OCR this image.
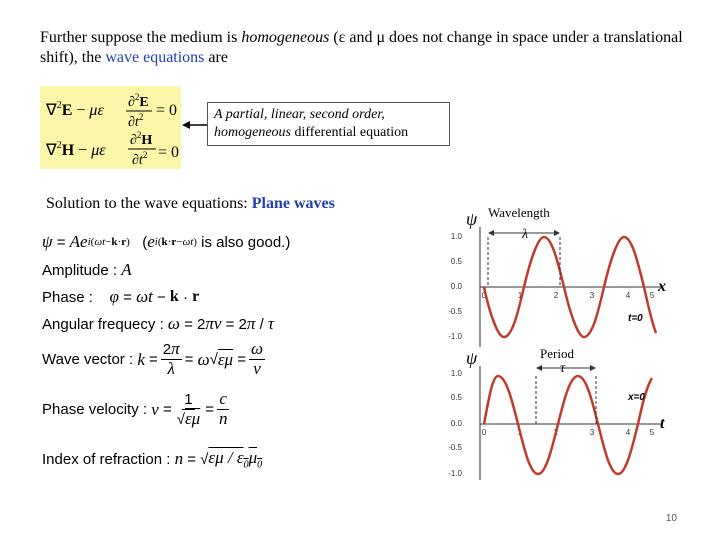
Further suppose the medium is homogeneous (ε and μ does not change in space under a translational shift), the wave equations are
∇$^2$E − με ∂$^2$E
$\partial t^2 = 0$
∇$^2$H − με
∂$^2$H
$\partial t^2 = 0$
A partial, linear, second order,
homogeneous differential equation
Solution to the wave equations: Plane waves
ψ = Ae i(ωt−k·r) ( e i(k·r−ωt)
is also good. )
Amplitude :
A
Phase :
φ = ωt − k · r
Angular frequecy :
ω = 2 πν = 2 π / τ
Wave vector :
$k = \frac{2\pi}{\lambda} = \omega$ √ $\varepsilon\mu = \frac{\omega}{v}$
Phase velocity :
$v = \frac{1}{√\varepsilon\mu} = \frac{c}{n}$
Index of refraction :
n = √ εμ / $\varepsilon_0\mu_0$
ψ
1.0
0.5
0.0
-0.5
-1.0
0	1	2	3	4 5
λ
Wavelength
x
t=0
ψ
1.0
0.5
0.0
-0.5
-1.0
0	1	2	3	4 5
τ
Period
t
x=0
10
